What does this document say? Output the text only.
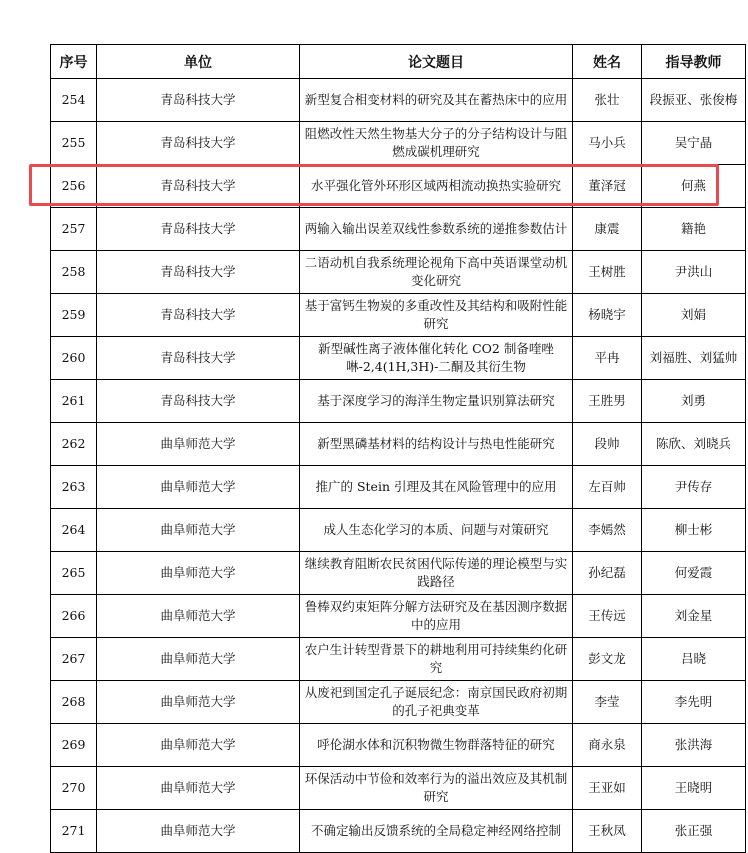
序号	单位	论文题目	姓名	指导教师
254	青岛科技大学	新型复合相变材料的研究及其在蓄热床中的应用	张壮	段振亚、张俊梅
255	青岛科技大学	阻燃改性天然生物基大分子的分子结构设计与阻燃成碳机理研究	马小兵	吴宁晶
256	青岛科技大学	水平强化管外环形区域两相流动换热实验研究	董泽冠	何燕
257	青岛科技大学	两输入输出误差双线性参数系统的递推参数估计	康震	籍艳
258	青岛科技大学	二语动机自我系统理论视角下高中英语课堂动机变化研究	王树胜	尹洪山
259	青岛科技大学	基于富钙生物炭的多重改性及其结构和吸附性能研究	杨晓宇	刘娟
260	青岛科技大学	新型碱性离子液体催化转化 CO2 制备喹唑啉-2,4(1H,3H)-二酮及其衍生物	平冉	刘福胜、刘猛帅
261	青岛科技大学	基于深度学习的海洋生物定量识别算法研究	王胜男	刘勇
262	曲阜师范大学	新型黑磷基材料的结构设计与热电性能研究	段帅	陈欣、刘晓兵
263	曲阜师范大学	推广的 Stein 引理及其在风险管理中的应用	左百帅	尹传存
264	曲阜师范大学	成人生态化学习的本质、问题与对策研究	李嫣然	柳士彬
265	曲阜师范大学	继续教育阻断农民贫困代际传递的理论模型与实践路径	孙纪磊	何爱霞
266	曲阜师范大学	鲁棒双约束矩阵分解方法研究及在基因测序数据中的应用	王传远	刘金星
267	曲阜师范大学	农户生计转型背景下的耕地利用可持续集约化研究	彭文龙	吕晓
268	曲阜师范大学	从废祀到国定孔子诞辰纪念：南京国民政府初期的孔子祀典变革	李莹	李先明
269	曲阜师范大学	呼伦湖水体和沉积物微生物群落特征的研究	商永泉	张洪海
270	曲阜师范大学	环保活动中节俭和效率行为的溢出效应及其机制研究	王亚如	王晓明
271	曲阜师范大学	不确定输出反馈系统的全局稳定神经网络控制	王秋凤	张正强
